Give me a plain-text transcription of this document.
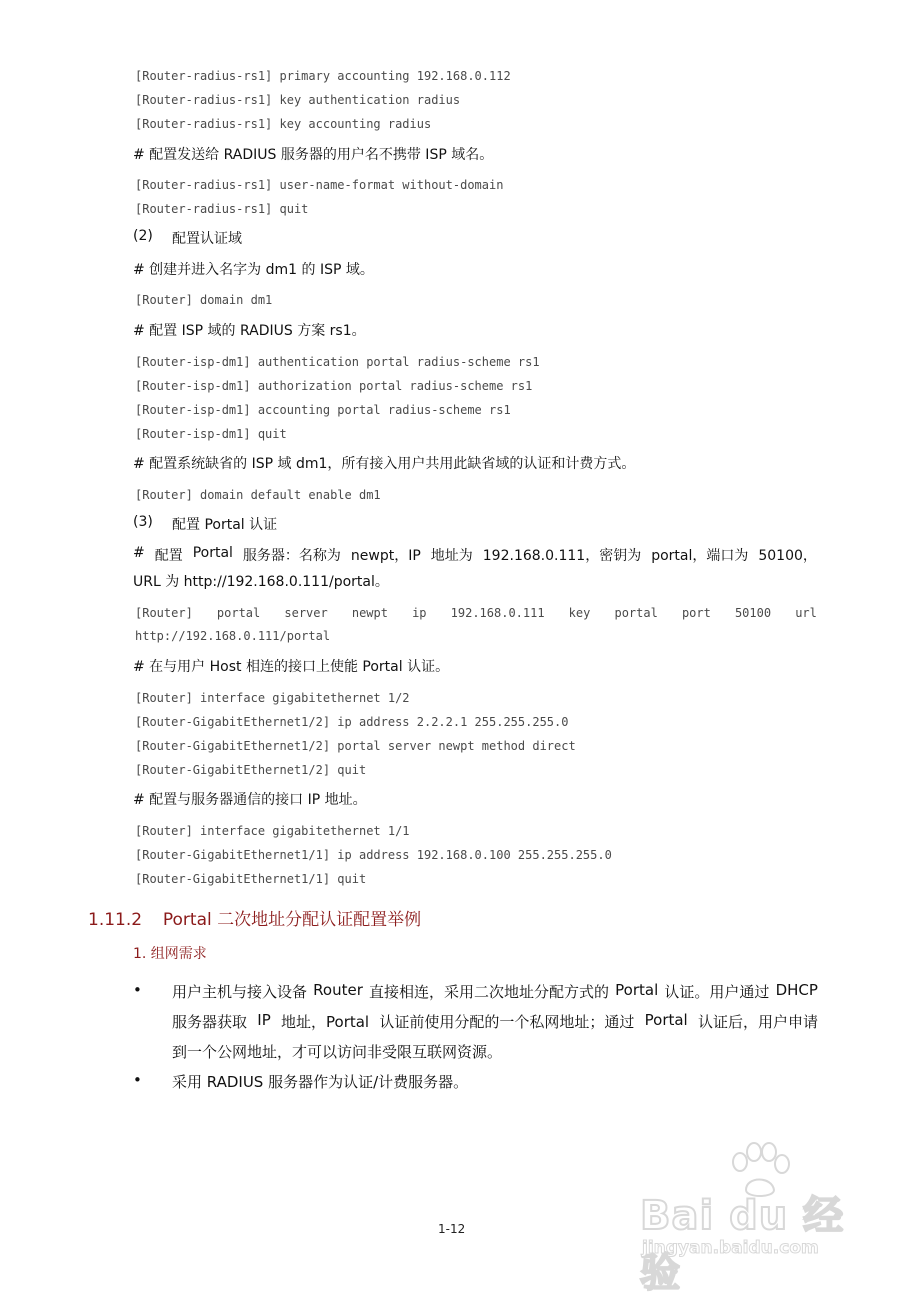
[Router-radius-rs1] primary accounting 192.168.0.112
[Router-radius-rs1] key authentication radius
[Router-radius-rs1] key accounting radius
# 配置发送给 RADIUS 服务器的用户名不携带 ISP 域名。
[Router-radius-rs1] user-name-format without-domain
[Router-radius-rs1] quit
(2) 配置认证域
# 创建并进入名字为 dm1 的 ISP 域。
[Router] domain dm1
# 配置 ISP 域的 RADIUS 方案 rs1。
[Router-isp-dm1] authentication portal radius-scheme rs1
[Router-isp-dm1] authorization portal radius-scheme rs1
[Router-isp-dm1] accounting portal radius-scheme rs1
[Router-isp-dm1] quit
# 配置系统缺省的 ISP 域 dm1，所有接入用户共用此缺省域的认证和计费方式。
[Router] domain default enable dm1
(3) 配置 Portal 认证
# 配置 Portal 服务器：名称为 newpt，IP 地址为 192.168.0.111，密钥为 portal，端口为 50100，
URL 为 http://192.168.0.111/portal。
[Router] portal server newpt ip 192.168.0.111 key portal port 50100 url
http://192.168.0.111/portal
# 在与用户 Host 相连的接口上使能 Portal 认证。
[Router] interface gigabitethernet 1/2
[Router-GigabitEthernet1/2] ip address 2.2.2.1 255.255.255.0
[Router-GigabitEthernet1/2] portal server newpt method direct
[Router-GigabitEthernet1/2] quit
# 配置与服务器通信的接口 IP 地址。
[Router] interface gigabitethernet 1/1
[Router-GigabitEthernet1/1] ip address 192.168.0.100 255.255.255.0
[Router-GigabitEthernet1/1] quit
1.11.2 Portal 二次地址分配认证配置举例
1. 组网需求
• 用户主机与接入设备 Router 直接相连，采用二次地址分配方式的 Portal 认证。用户通过 DHCP
服务器获取 IP 地址，Portal 认证前使用分配的一个私网地址；通过 Portal 认证后，用户申请
到一个公网地址，才可以访问非受限互联网资源。
• 采用 RADIUS 服务器作为认证/计费服务器。
1-12	Bai du 经验
jingyan.baidu.com
